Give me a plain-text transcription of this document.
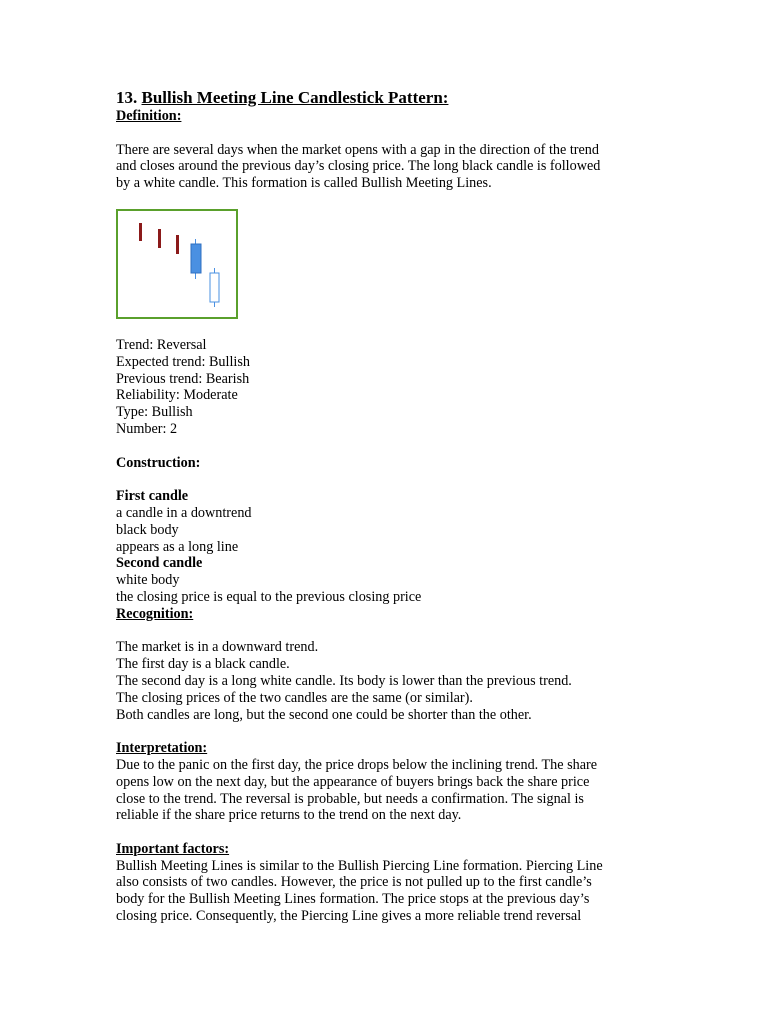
13. Bullish Meeting Line Candlestick Pattern:
Definition:

There are several days when the market opens with a gap in the direction of the trend

and closes around the previous day’s closing price. The long black candle is followed

by a white candle. This formation is called Bullish Meeting Lines.

Trend: Reversal

Expected trend: Bullish

Previous trend: Bearish

Reliability: Moderate

Type: Bullish

Number: 2

Construction:

First candle

a candle in a downtrend

black body

appears as a long line

Second candle

white body

the closing price is equal to the previous closing price

Recognition:

The market is in a downward trend.

The first day is a black candle.

The second day is a long white candle. Its body is lower than the previous trend.

The closing prices of the two candles are the same (or similar).

Both candles are long, but the second one could be shorter than the other.

Interpretation:

Due to the panic on the first day, the price drops below the inclining trend. The share

opens low on the next day, but the appearance of buyers brings back the share price

close to the trend. The reversal is probable, but needs a confirmation. The signal is

reliable if the share price returns to the trend on the next day.

Important factors:

Bullish Meeting Lines is similar to the Bullish Piercing Line formation. Piercing Line

also consists of two candles. However, the price is not pulled up to the first candle’s

body for the Bullish Meeting Lines formation. The price stops at the previous day’s

closing price. Consequently, the Piercing Line gives a more reliable trend reversal
